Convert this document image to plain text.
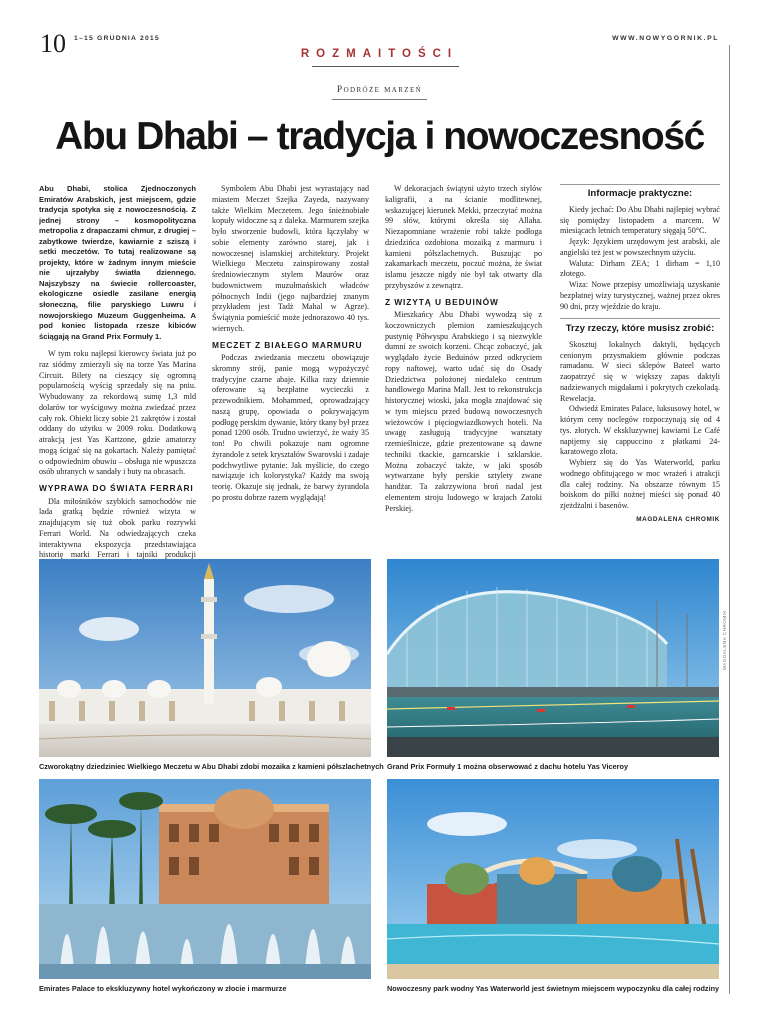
10 1–15 GRUDNIA 2015	WWW.NOWYGORNIK.PL
ROZMAITOŚCI
Podróże marzeń
Abu Dhabi – tradycja i nowoczesność

Abu Dhabi, stolica Zjednoczonych Emiratów Arabskich, jest miejscem, gdzie tradycja spotyka się z nowoczesnością. Z jednej strony – kosmopolityczna metropolia z drapaczami chmur, z drugiej – zabytkowe twierdze, kawiarnie z sziszą i setki meczetów. To tutaj realizowane są projekty, które w żadnym innym mieście nie ujrzałyby światła dziennego. Najszybszy na świecie rollercoaster, ekologiczne osiedle zasilane energią słoneczną, filie paryskiego Luwru i nowojorskiego Muzeum Guggenheima. A pod koniec listopada rzesze kibiców ściągają na Grand Prix Formuły 1.

W tym roku najlepsi kierowcy świata już po raz siódmy zmierzyli się na torze Yas Marina Circuit. Bilety na cieszący się ogromną popularnością wyścig sprzedały się na pniu. Wybudowany za rekordową sumę 1,3 mld dolarów tor wyścigowy można zwiedzać przez cały rok. Obiekt liczy sobie 21 zakrętów i został oddany do użytku w 2009 roku. Dodatkową atrakcją jest Yas Kartzone, gdzie amatorzy mogą ścigać się na gokartach. Należy pamiętać o odpowiednim obuwiu – obsługa nie wpuszcza osób ubranych w sandały i buty na obcasach.

WYPRAWA DO ŚWIATA FERRARI

Dla miłośników szybkich samochodów nie lada gratką będzie również wizyta w znajdującym się tuż obok parku rozrywki Ferrari World. Na odwiedzających czeka interaktywna ekspozycja przedstawiająca historię marki Ferrari i tajniki produkcji

Symbolem Abu Dhabi jest wyrastający nad miastem Meczet Szejka Zayeda, nazywany także Wielkim Meczetem. Jego śnieżnobiałe kopuły widoczne są z daleka. Marmurem szejka było stworzenie budowli, która łączyłaby w sobie elementy zarówno starej, jak i nowoczesnej islamskiej architektury. Projekt Wielkiego Meczetu zainspirowany został średniowiecznym stylem Maurów oraz budownictwem muzułmańskich władców północnych Indii (jego najbardziej znanym przykładem jest Tadż Mahal w Agrze). Świątynia pomieścić może jednorazowo 40 tys. wiernych.

MECZET Z BIAŁEGO MARMURU

Podczas zwiedzania meczetu obowiązuje skromny strój, panie mogą wypożyczyć tradycyjne czarne abaje. Kilka razy dziennie oferowane są bezpłatne wycieczki z przewodnikiem. Mohammed, oprowadzający naszą grupę, opowiada o pokrywającym podłogę perskim dywanie, który tkany był przez ponad 1200 osób. Trudno uwierzyć, że waży 35 ton! Po chwili pokazuje nam ogromne żyrandole z setek kryształów Swarovski i zadaje podchwytliwe pytanie: Jak myślicie, do czego nawiązuje ich kolorystyka? Każdy ma swoją teorię. Okazuje się jednak, że barwy żyrandola po prostu dobrze razem wyglądają!

W dekoracjach świątyni użyto trzech stylów kaligrafii, a na ścianie modlitewnej, wskazującej kierunek Mekki, przeczytać można 99 słów, którymi określa się Allaha. Niezapomniane wrażenie robi także podłoga dziedzińca ozdobiona mozaiką z marmuru i kamieni półszlachetnych. Buszując po zakamarkach meczetu, poczuć można, że świat islamu jeszcze nigdy nie był tak otwarty dla przybyszów z zewnątrz.

Z WIZYTĄ U BEDUINÓW

Mieszkańcy Abu Dhabi wywodzą się z koczowniczych plemion zamieszkujących pustynię Półwyspu Arabskiego i są niezwykle dumni ze swoich korzeni. Chcąc zobaczyć, jak wyglądało życie Beduinów przed odkryciem ropy naftowej, warto udać się do Osady Dziedzictwa położonej niedaleko centrum handlowego Marina Mall. Jest to rekonstrukcja historycznej wioski, jaka mogła znajdować się w tym miejscu przed budową nowoczesnych wieżowców i pięciogwiazdkowych hoteli. Na uwagę zasługują tradycyjne warsztaty rzemieślnicze, gdzie prezentowane są dawne techniki tkackie, garncarskie i szklarskie. Można zobaczyć także, w jaki sposób wytwarzane były perskie sztylety zwane handżar. Ta zakrzywiona broń nadal jest elementem stroju ludowego w krajach Zatoki Perskiej.

Informacje praktyczne:

Kiedy jechać: Do Abu Dhabi najlepiej wybrać się pomiędzy listopadem a marcem. W miesiącach letnich temperatury sięgają 50°C.

Język: Językiem urzędowym jest arabski, ale angielski też jest w powszechnym użyciu.

Waluta: Dirham ZEA; 1 dirham = 1,10 złotego.

Wiza: Nowe przepisy umożliwiają uzyskanie bezpłatnej wizy turystycznej, ważnej przez okres 90 dni, przy wjeździe do kraju.

Trzy rzeczy, które musisz zrobić:

Skosztuj lokalnych daktyli, będących cenionym przysmakiem głównie podczas ramadanu. W sieci sklepów Bateel warto zaopatrzyć się w większy zapas daktyli nadziewanych migdałami i pokrytych czekoladą. Rewelacja.

Odwiedź Emirates Palace, luksusowy hotel, w którym ceny noclegów rozpoczynają się od 4 tys. złotych. W ekskluzywnej kawiarni Le Café napijemy się cappuccino z płatkami 24-karatowego złota.

Wybierz się do Yas Waterworld, parku wodnego obfitującego w moc wrażeń i atrakcji dla całej rodziny. Na obszarze równym 15 boiskom do piłki nożnej mieści się ponad 40 zjeżdżalni i basenów.

MAGDALENA CHROMIK
Czworokątny dziedziniec Wielkiego Meczetu w Abu Dhabi zdobi mozaika z kamieni półszlachetnych Grand Prix Formuły 1 można obserwować z dachu hotelu Yas Viceroy
Emirates Palace to ekskluzywny hotel wykończony w złocie i marmurze	Nowoczesny park wodny Yas Waterworld jest świetnym miejscem wypoczynku dla całej rodziny
MAGDALENA CHROMIK
